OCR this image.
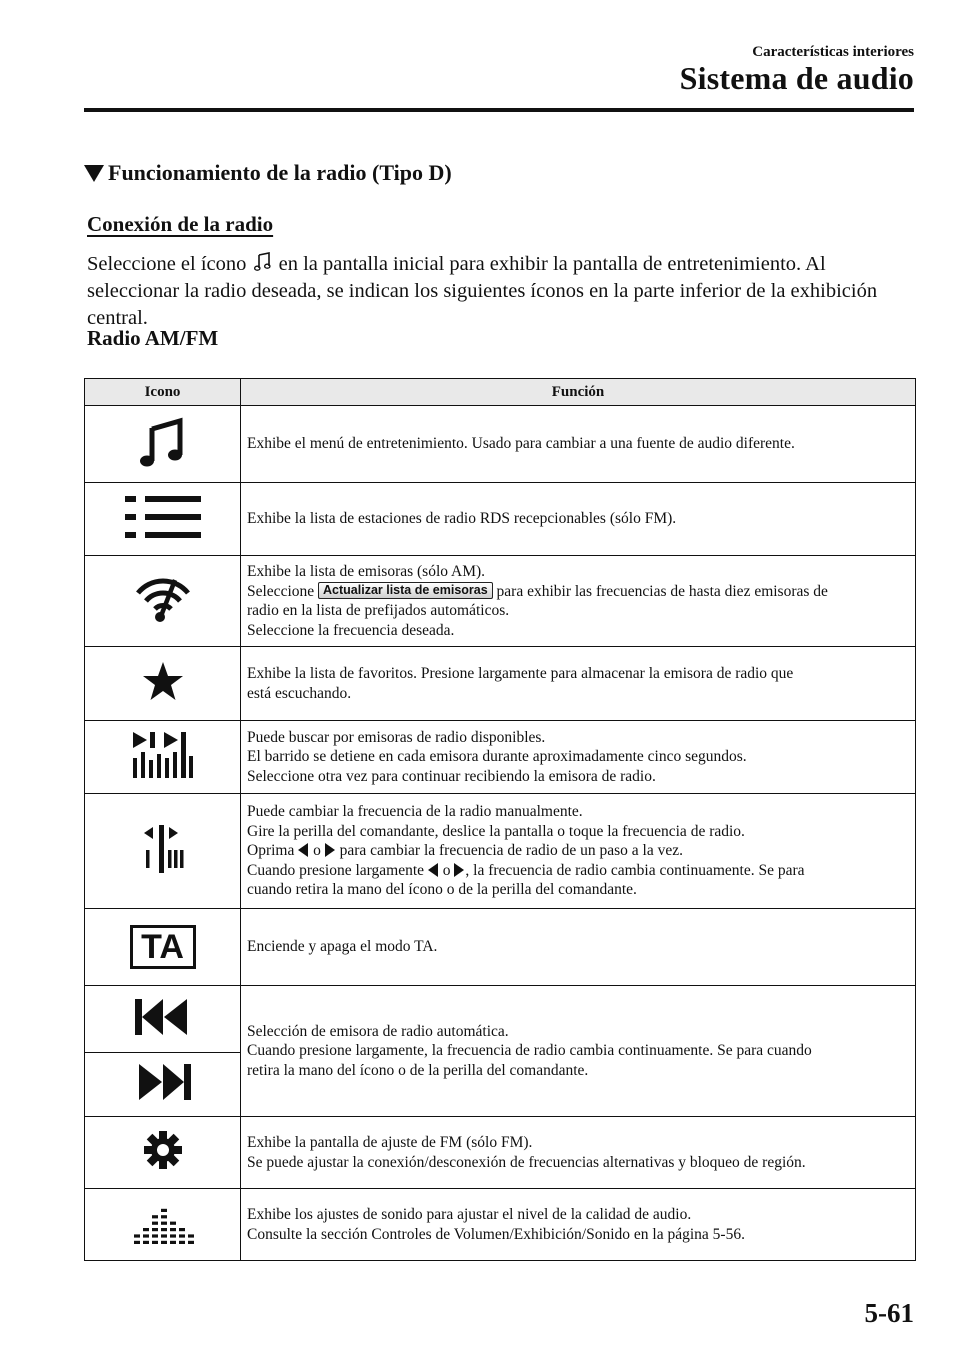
Características interiores
Sistema de audio
Funcionamiento de la radio (Tipo D)
Conexión de la radio
Seleccione el ícono en la pantalla inicial para exhibir la pantalla de entretenimiento. Al seleccionar la radio deseada, se indican los siguientes íconos en la parte inferior de la exhibición central.
Radio AM/FM
Icono	Función

Exhibe el menú de entretenimiento. Usado para cambiar a una fuente de audio diferente.

Exhibe la lista de estaciones de radio RDS recepcionables (sólo FM).

Exhibe la lista de emisoras (sólo AM).
Seleccione Actualizar lista de emisoras para exhibir las frecuencias de hasta diez emisoras de
radio en la lista de prefijados automáticos.
Seleccione la frecuencia deseada.

Exhibe la lista de favoritos. Presione largamente para almacenar la emisora de radio que
está escuchando.

Puede buscar por emisoras de radio disponibles.
El barrido se detiene en cada emisora durante aproximadamente cinco segundos.
Seleccione otra vez para continuar recibiendo la emisora de radio.

Puede cambiar la frecuencia de la radio manualmente.
Gire la perilla del comandante, deslice la pantalla o toque la frecuencia de radio.
Oprima o para cambiar la frecuencia de radio de un paso a la vez.
Cuando presione largamente o , la frecuencia de radio cambia continuamente. Se para
cuando retira la mano del ícono o de la perilla del comandante.

TA	Enciende y apaga el modo TA.

Selección de emisora de radio automática.
Cuando presione largamente, la frecuencia de radio cambia continuamente. Se para cuando
retira la mano del ícono o de la perilla del comandante.

Exhibe la pantalla de ajuste de FM (sólo FM).
Se puede ajustar la conexión/desconexión de frecuencias alternativas y bloqueo de región.

Exhibe los ajustes de sonido para ajustar el nivel de la calidad de audio.
Consulte la sección Controles de Volumen/Exhibición/Sonido en la página 5-56.
5-61
